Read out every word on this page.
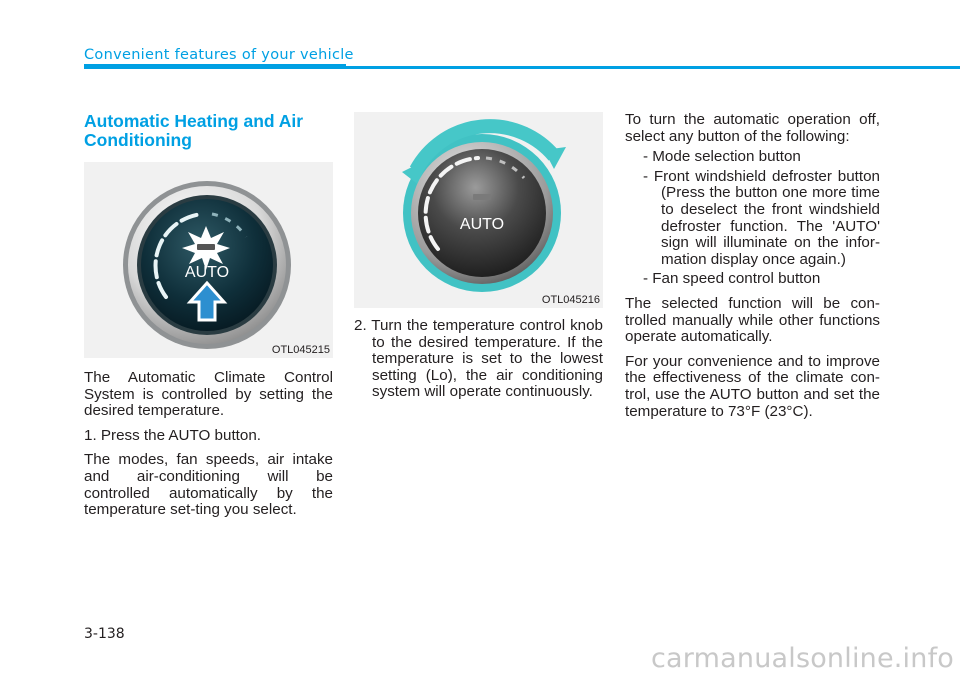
Convenient features of your vehicle
Automatic Heating and Air Conditioning
AUTO
OTL045215

The Automatic Climate Control System is controlled by setting the desired temperature.

1. Press the AUTO button.

The modes, fan speeds, air intake and air-conditioning will be controlled automatically by the temperature set-ting you select.

AUTO
OTL045216

2. Turn the temperature control knob to the desired temperature. If the temperature is set to the lowest setting (Lo), the air conditioning system will operate continuously.

To turn the automatic operation off, select any button of the following:

- Mode selection button

- Front windshield defroster button (Press the button one more time to deselect the front windshield defroster function. The 'AUTO' sign will illuminate on the infor-mation display once again.)

- Fan speed control button

The selected function will be con-trolled manually while other functions operate automatically.

For your convenience and to improve the effectiveness of the climate con-trol, use the AUTO button and set the temperature to 73°F (23°C).

3-138
carmanualsonline.info
